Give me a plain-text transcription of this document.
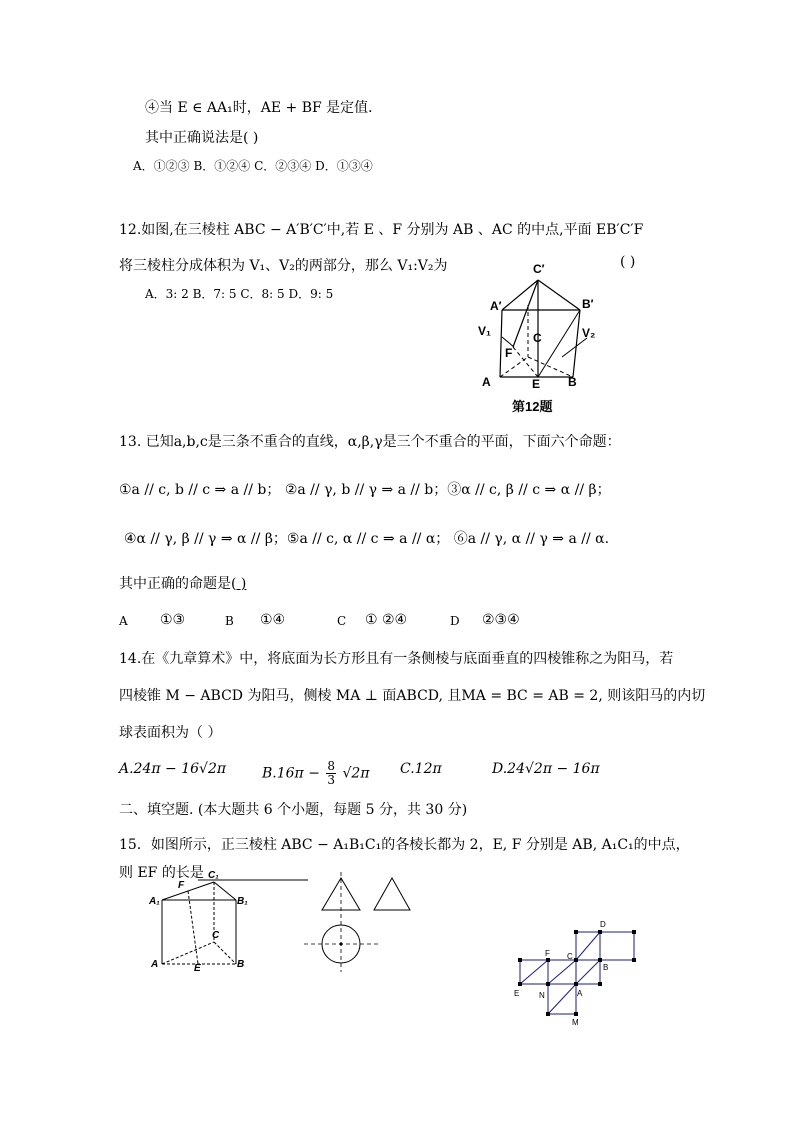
④当 E ∈ AA₁时，AE + BF 是定值．
其中正确说法是( )
A．①②③ B．①②④ C．②③④ D．①③④
12.如图,在三棱柱 ABC − A′B′C′中,若 E 、F 分别为 AB 、AC 的中点,平面 EB′C′F
将三棱柱分成体积为 V₁、V₂的两部分，那么 V₁:V₂为	( )
A．3: 2 B．7: 5 C．8: 5 D．9: 5
C′
A′	B′
V₁	C	V₂
F
A	E B
第12题
13. 已知a,b,c是三条不重合的直线，α,β,γ是三个不重合的平面，下面六个命题：
①a // c, b // c ⇒ a // b； ②a // γ, b // γ ⇒ a // b；③α // c, β // c ⇒ α // β；
④α // γ, β // γ ⇒ α // β；⑤a // c, α // c ⇒ a // α； ⑥a // γ, α // γ ⇒ a // α.
其中正确的命题是( )
A ①③	B ①④	C ① ②④	D ②③④
14.在《九章算术》中，将底面为长方形且有一条侧棱与底面垂直的四棱锥称之为阳马，若
四棱锥 M − ABCD 为阳马，侧棱 MA ⊥ 面ABCD, 且MA = BC = AB = 2, 则该阳马的内切
球表面积为（ ）
A.24π − 16√2π	$B.16\pi - \frac{8}{3} √2\pi$ C.12π	D.24√2π − 16π
二、填空题. (本大题共 6 个小题，每题 5 分，共 30 分)
15．如图所示，正三棱柱 ABC − A₁B₁C₁的各棱长都为 2，E, F 分别是 AB, A₁C₁的中点，
则 EF 的长是 C₁
F
A₁	B₁
C
A	E	B
D
F C
B
E N	A
M
